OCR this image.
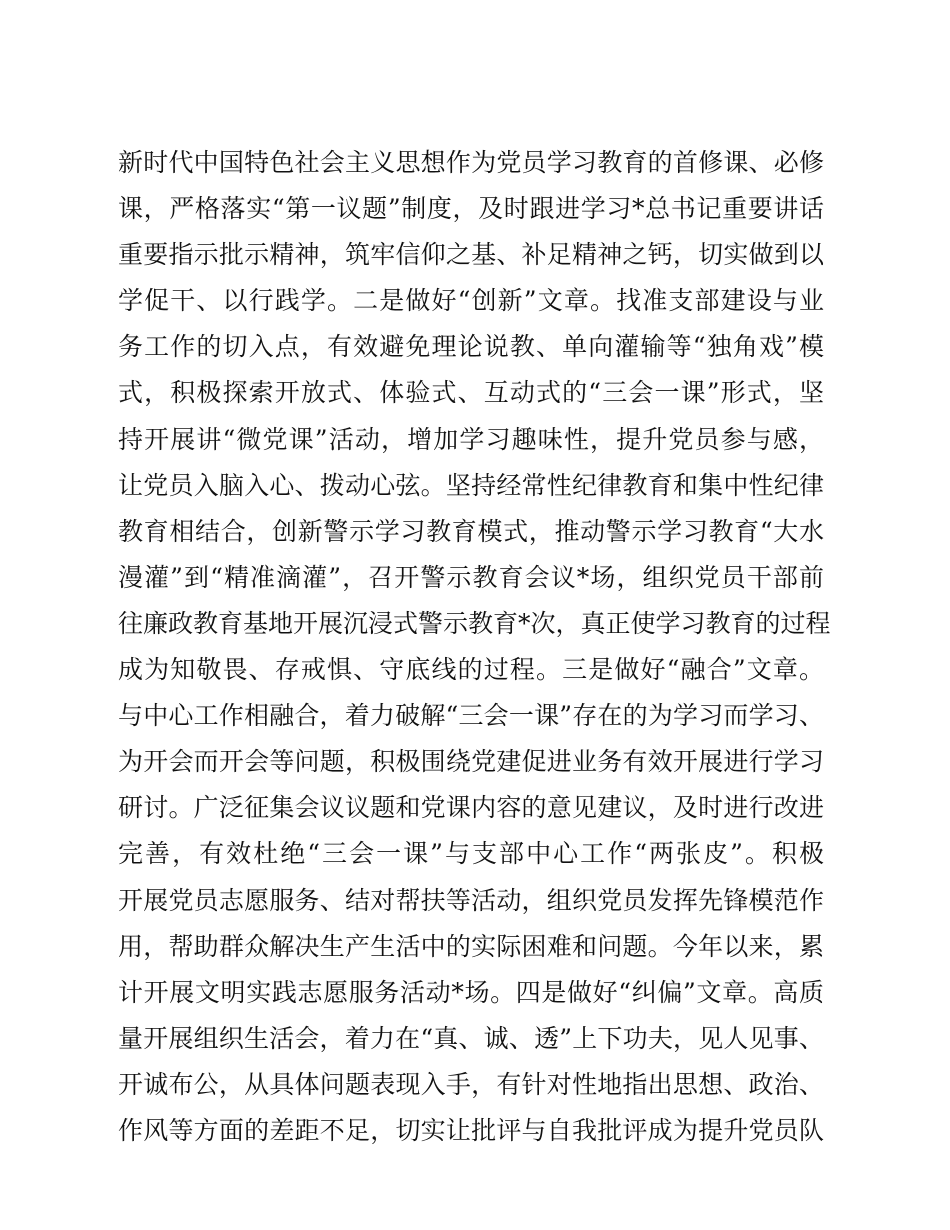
新时代中国特色社会主义思想作为党员学习教育的首修课、必修
课，严格落实“第一议题”制度，及时跟进学习*总书记重要讲话
重要指示批示精神，筑牢信仰之基、补足精神之钙，切实做到以
学促干、以行践学。二是做好“创新”文章。找准支部建设与业
务工作的切入点，有效避免理论说教、单向灌输等“独角戏”模
式，积极探索开放式、体验式、互动式的“三会一课”形式，坚
持开展讲“微党课”活动，增加学习趣味性，提升党员参与感，
让党员入脑入心、拨动心弦。坚持经常性纪律教育和集中性纪律
教育相结合，创新警示学习教育模式，推动警示学习教育“大水
漫灌”到“精准滴灌”，召开警示教育会议*场，组织党员干部前
往廉政教育基地开展沉浸式警示教育*次，真正使学习教育的过程
成为知敬畏、存戒惧、守底线的过程。三是做好“融合”文章。
与中心工作相融合，着力破解“三会一课”存在的为学习而学习、
为开会而开会等问题，积极围绕党建促进业务有效开展进行学习
研讨。广泛征集会议议题和党课内容的意见建议，及时进行改进
完善，有效杜绝“三会一课”与支部中心工作“两张皮”。积极
开展党员志愿服务、结对帮扶等活动，组织党员发挥先锋模范作
用，帮助群众解决生产生活中的实际困难和问题。今年以来，累
计开展文明实践志愿服务活动*场。四是做好“纠偏”文章。高质
量开展组织生活会，着力在“真、诚、透”上下功夫，见人见事、
开诚布公，从具体问题表现入手，有针对性地指出思想、政治、
作风等方面的差距不足，切实让批评与自我批评成为提升党员队
